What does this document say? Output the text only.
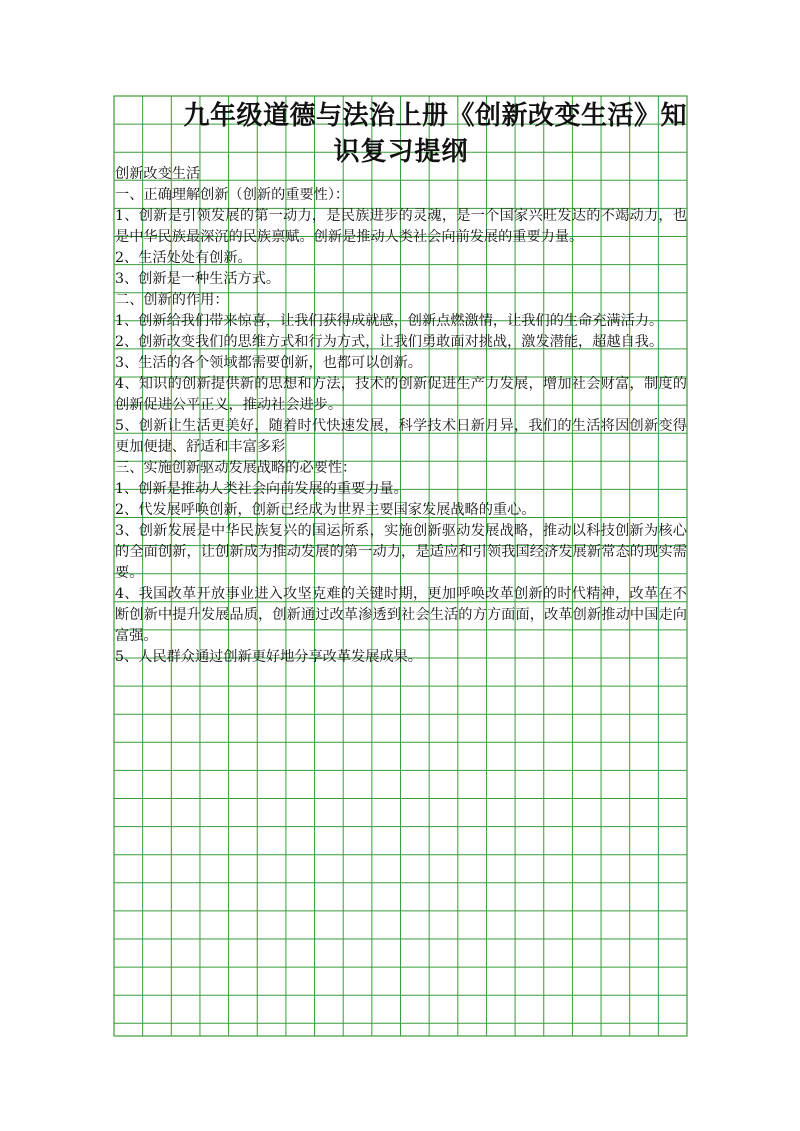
九年级道德与法治上册《创新改变生活》知
识复习提纲

创新改变生活

一、正确理解创新（创新的重要性）：

1、创新是引领发展的第一动力，是民族进步的灵魂，是一个国家兴旺发达的不竭动力，也是中华民族最深沉的民族禀赋。创新是推动人类社会向前发展的重要力量。

2、生活处处有创新。

3、创新是一种生活方式。

二、创新的作用：

1、创新给我们带来惊喜，让我们获得成就感，创新点燃激情，让我们的生命充满活力。

2、创新改变我们的思维方式和行为方式，让我们勇敢面对挑战，激发潜能，超越自我。

3、生活的各个领域都需要创新，也都可以创新。

4、知识的创新提供新的思想和方法，技术的创新促进生产力发展，增加社会财富，制度的创新促进公平正义，推动社会进步。

5、创新让生活更美好，随着时代快速发展，科学技术日新月异，我们的生活将因创新变得更加便捷、舒适和丰富多彩

三、实施创新驱动发展战略的必要性：

1、创新是推动人类社会向前发展的重要力量。

2、代发展呼唤创新，创新已经成为世界主要国家发展战略的重心。

3、创新发展是中华民族复兴的国运所系，实施创新驱动发展战略，推动以科技创新为核心的全面创新，让创新成为推动发展的第一动力，是适应和引领我国经济发展新常态的现实需要。

4、我国改革开放事业进入攻坚克难的关键时期，更加呼唤改革创新的时代精神，改革在不断创新中提升发展品质，创新通过改革渗透到社会生活的方方面面，改革创新推动中国走向富强。

5、人民群众通过创新更好地分享改革发展成果。
